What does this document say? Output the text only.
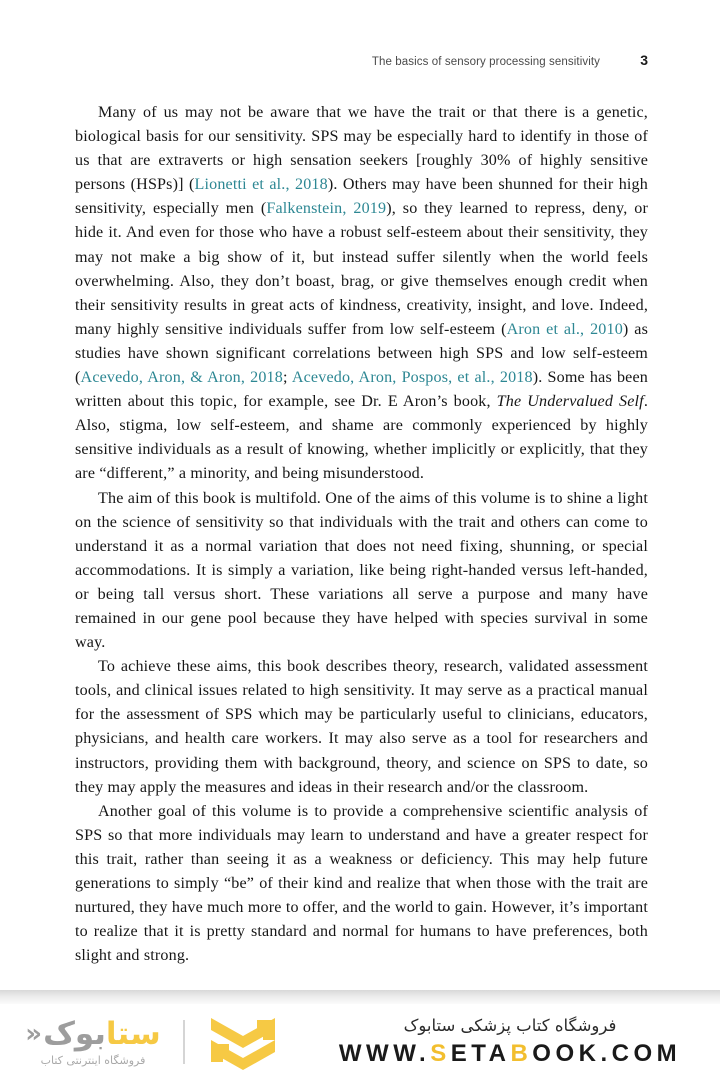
The basics of sensory processing sensitivity	3

Many of us may not be aware that we have the trait or that there is a genetic, biological basis for our sensitivity. SPS may be especially hard to identify in those of us that are extraverts or high sensation seekers [roughly 30% of highly sensitive persons (HSPs)] (Lionetti et al., 2018). Others may have been shunned for their high sensitivity, especially men (Falkenstein, 2019), so they learned to repress, deny, or hide it. And even for those who have a robust self-esteem about their sensitivity, they may not make a big show of it, but instead suffer silently when the world feels overwhelming. Also, they don’t boast, brag, or give themselves enough credit when their sensitivity results in great acts of kindness, creativity, insight, and love. Indeed, many highly sensitive individuals suffer from low self-esteem (Aron et al., 2010) as studies have shown significant correlations between high SPS and low self-esteem (Acevedo, Aron, & Aron, 2018; Acevedo, Aron, Pospos, et al., 2018). Some has been written about this topic, for example, see Dr. E Aron’s book, The Undervalued Self. Also, stigma, low self-esteem, and shame are commonly experienced by highly sensitive individuals as a result of knowing, whether implicitly or explicitly, that they are “different,” a minority, and being misunderstood.

The aim of this book is multifold. One of the aims of this volume is to shine a light on the science of sensitivity so that individuals with the trait and others can come to understand it as a normal variation that does not need fixing, shunning, or special accommodations. It is simply a variation, like being right-handed versus left-handed, or being tall versus short. These variations all serve a purpose and many have remained in our gene pool because they have helped with species survival in some way.

To achieve these aims, this book describes theory, research, validated assessment tools, and clinical issues related to high sensitivity. It may serve as a practical manual for the assessment of SPS which may be particularly useful to clinicians, educators, physicians, and health care workers. It may also serve as a tool for researchers and instructors, providing them with background, theory, and science on SPS to date, so they may apply the measures and ideas in their research and/or the classroom.

Another goal of this volume is to provide a comprehensive scientific analysis of SPS so that more individuals may learn to understand and have a greater respect for this trait, rather than seeing it as a weakness or deficiency. This may help future generations to simply “be” of their kind and realize that when those with the trait are nurtured, they have much more to offer, and the world to gain. However, it’s important to realize that it is pretty standard and normal for humans to have preferences, both slight and strong.

ستا
بوک
«
فروشگاه اینترنتی کتاب
فروشگاه کتاب پزشکی ستابوک
WWW.SETABOOK.COM
